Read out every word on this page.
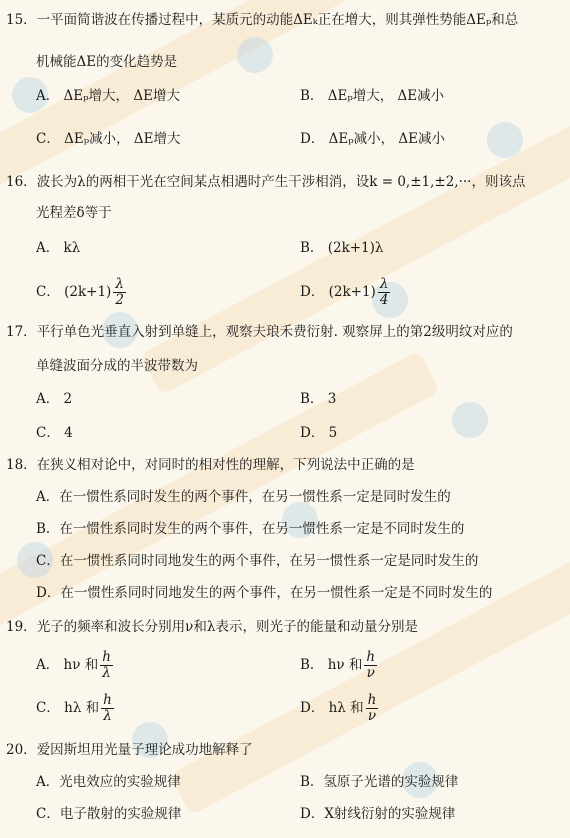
15．一平面简谐波在传播过程中，某质元的动能ΔEₖ正在增大，则其弹性势能ΔEₚ和总
机械能ΔE的变化趋势是
A． ΔEₚ增大， ΔE增大	B． ΔEₚ增大， ΔE减小
C． ΔEₚ减小， ΔE增大	D． ΔEₚ减小， ΔE减小
16．波长为λ的两相干光在空间某点相遇时产生干涉相消，设k = 0,±1,±2,···，则该点
光程差δ等于
A． kλ	B． (2k+1)λ
C． $(2k+1) \frac{\lambda}{2}$	D． $(2k+1) \frac{\lambda}{4}$
17．平行单色光垂直入射到单缝上，观察夫琅禾费衍射. 观察屏上的第2级明纹对应的
单缝波面分成的半波带数为
A． 2	B． 3
C． 4	D． 5
18．在狭义相对论中，对同时的相对性的理解，下列说法中正确的是
A．在一惯性系同时发生的两个事件，在另一惯性系一定是同时发生的
B．在一惯性系同时发生的两个事件，在另一惯性系一定是不同时发生的
C．在一惯性系同时同地发生的两个事件，在另一惯性系一定是同时发生的
D．在一惯性系同时同地发生的两个事件，在另一惯性系一定是不同时发生的
19．光子的频率和波长分别用ν和λ表示，则光子的能量和动量分别是
A． hν 和 $\frac{h}{\lambda}$	B． hν 和 $\frac{h}{\nu}$
C． hλ 和 $\frac{h}{\lambda}$	D． hλ 和 $\frac{h}{\nu}$
20．爱因斯坦用光量子理论成功地解释了
A．光电效应的实验规律	B．氢原子光谱的实验规律
C．电子散射的实验规律	D．X射线衍射的实验规律
